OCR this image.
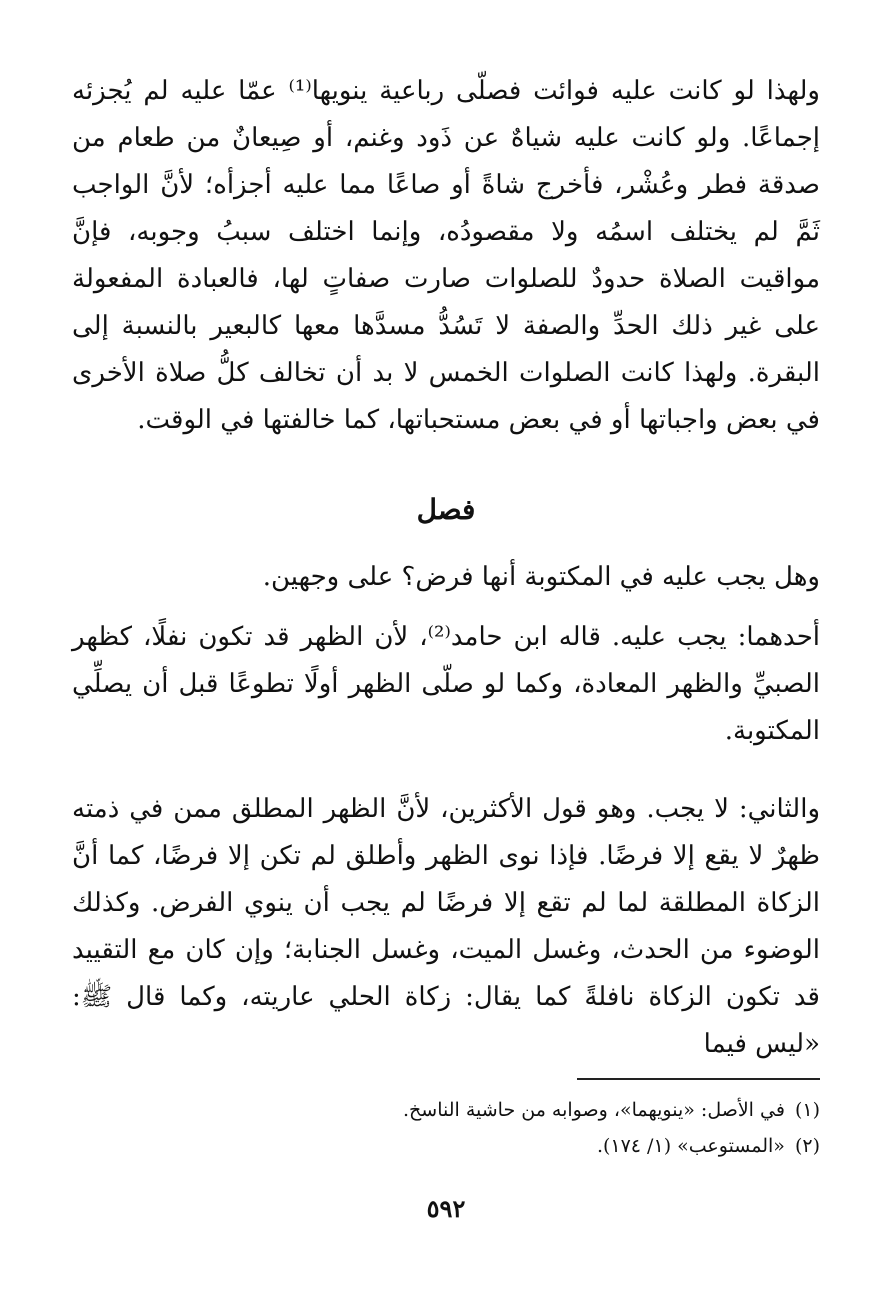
ولهذا لو كانت عليه فوائت فصلّى رباعية ينويها⁽¹⁾ عمّا عليه لم يُجزئه إجماعًا. ولو كانت عليه شياهٌ عن ذَود وغنم، أو صِيعانٌ من طعام من صدقة فطر وعُشْر، فأخرج شاةً أو صاعًا مما عليه أجزأه؛ لأنَّ الواجب ثَمَّ لم يختلف اسمُه ولا مقصودُه، وإنما اختلف سببُ وجوبه، فإنَّ مواقيت الصلاة حدودٌ للصلوات صارت صفاتٍ لها، فالعبادة المفعولة على غير ذلك الحدِّ والصفة لا تَسُدُّ مسدَّها معها كالبعير بالنسبة إلى البقرة. ولهذا كانت الصلوات الخمس لا بد أن تخالف كلُّ صلاة الأخرى في بعض واجباتها أو في بعض مستحباتها، كما خالفتها في الوقت.

فصل

وهل يجب عليه في المكتوبة أنها فرض؟ على وجهين.

أحدهما: يجب عليه. قاله ابن حامد⁽²⁾، لأن الظهر قد تكون نفلًا، كظهر الصبيِّ والظهر المعادة، وكما لو صلّى الظهر أولًا تطوعًا قبل أن يصلِّي المكتوبة.

والثاني: لا يجب. وهو قول الأكثرين، لأنَّ الظهر المطلق ممن في ذمته ظهرٌ لا يقع إلا فرضًا. فإذا نوى الظهر وأطلق لم تكن إلا فرضًا، كما أنَّ الزكاة المطلقة لما لم تقع إلا فرضًا لم يجب أن ينوي الفرض. وكذلك الوضوء من الحدث، وغسل الميت، وغسل الجنابة؛ وإن كان مع التقييد قد تكون الزكاة نافلةً كما يقال: زكاة الحلي عاريته، وكما قال ﷺ: «ليس فيما

(١)في الأصل: «ينويهما»، وصوابه من حاشية الناسخ.

(٢)«المستوعب» (١/ ١٧٤).

٥٩٢
